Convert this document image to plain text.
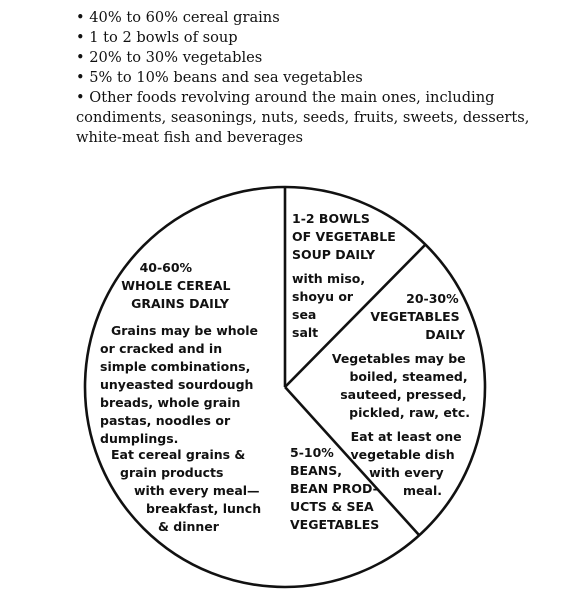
• 40% to 60% cereal grains
• 1 to 2 bowls of soup
• 20% to 30% vegetables
• 5% to 10% beans and sea vegetables
• Other foods revolving around the main ones, including condiments, seasonings, nuts, seeds, fruits, sweets, desserts, white-meat fish and beverages
40-60% WHOLE CEREAL GRAINS DAILY
Grains may be whole or cracked and in simple combinations, unyeasted sourdough breads, whole grain pastas, noodles or dumplings.
Eat cereal grains & grain products with every meal— breakfast, lunch & dinner
1-2 BOWLS OF VEGETABLE SOUP DAILY
with miso, shoyu or sea salt
20-30% VEGETABLES DAILY
Vegetables may be boiled, steamed, sauteed, pressed, pickled, raw, etc.
Eat at least one vegetable dish with every meal.
5-10% BEANS, BEAN PROD- UCTS & SEA VEGETABLES
